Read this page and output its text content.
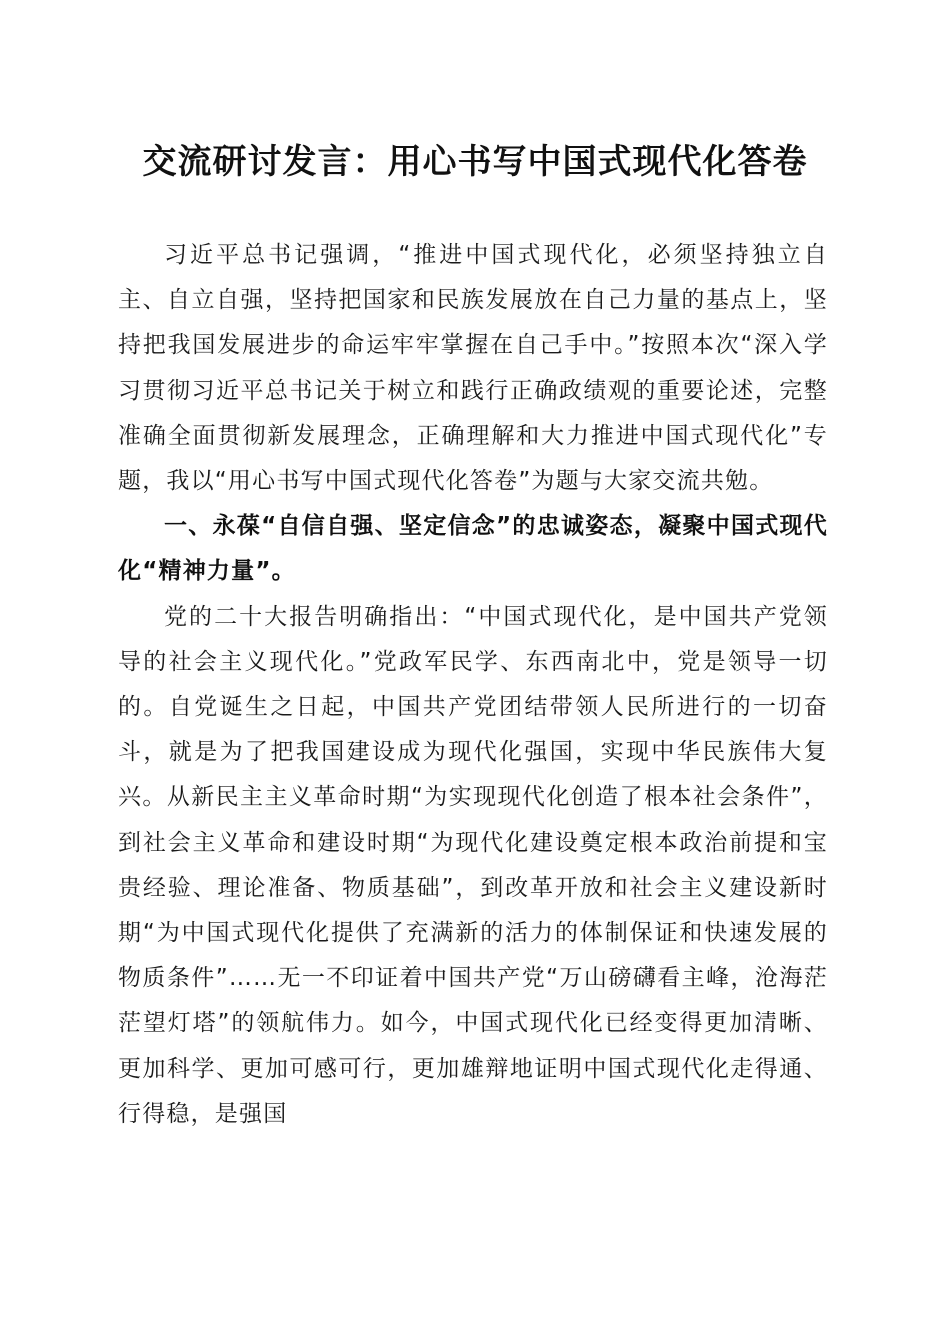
交流研讨发言：用心书写中国式现代化答卷

习近平总书记强调，“推进中国式现代化，必须坚持独立自主、自立自强，坚持把国家和民族发展放在自己力量的基点上，坚持把我国发展进步的命运牢牢掌握在自己手中。”按照本次“深入学习贯彻习近平总书记关于树立和践行正确政绩观的重要论述，完整准确全面贯彻新发展理念，正确理解和大力推进中国式现代化”专题，我以“用心书写中国式现代化答卷”为题与大家交流共勉。

一、永葆“自信自强、坚定信念”的忠诚姿态，凝聚中国式现代化“精神力量”。

党的二十大报告明确指出：“中国式现代化，是中国共产党领导的社会主义现代化。”党政军民学、东西南北中，党是领导一切的。自党诞生之日起，中国共产党团结带领人民所进行的一切奋斗，就是为了把我国建设成为现代化强国，实现中华民族伟大复兴。从新民主主义革命时期“为实现现代化创造了根本社会条件”，到社会主义革命和建设时期“为现代化建设奠定根本政治前提和宝贵经验、理论准备、物质基础”，到改革开放和社会主义建设新时期“为中国式现代化提供了充满新的活力的体制保证和快速发展的物质条件”……无一不印证着中国共产党“万山磅礴看主峰，沧海茫茫望灯塔”的领航伟力。如今，中国式现代化已经变得更加清晰、更加科学、更加可感可行，更加雄辩地证明中国式现代化走得通、行得稳，是强国
